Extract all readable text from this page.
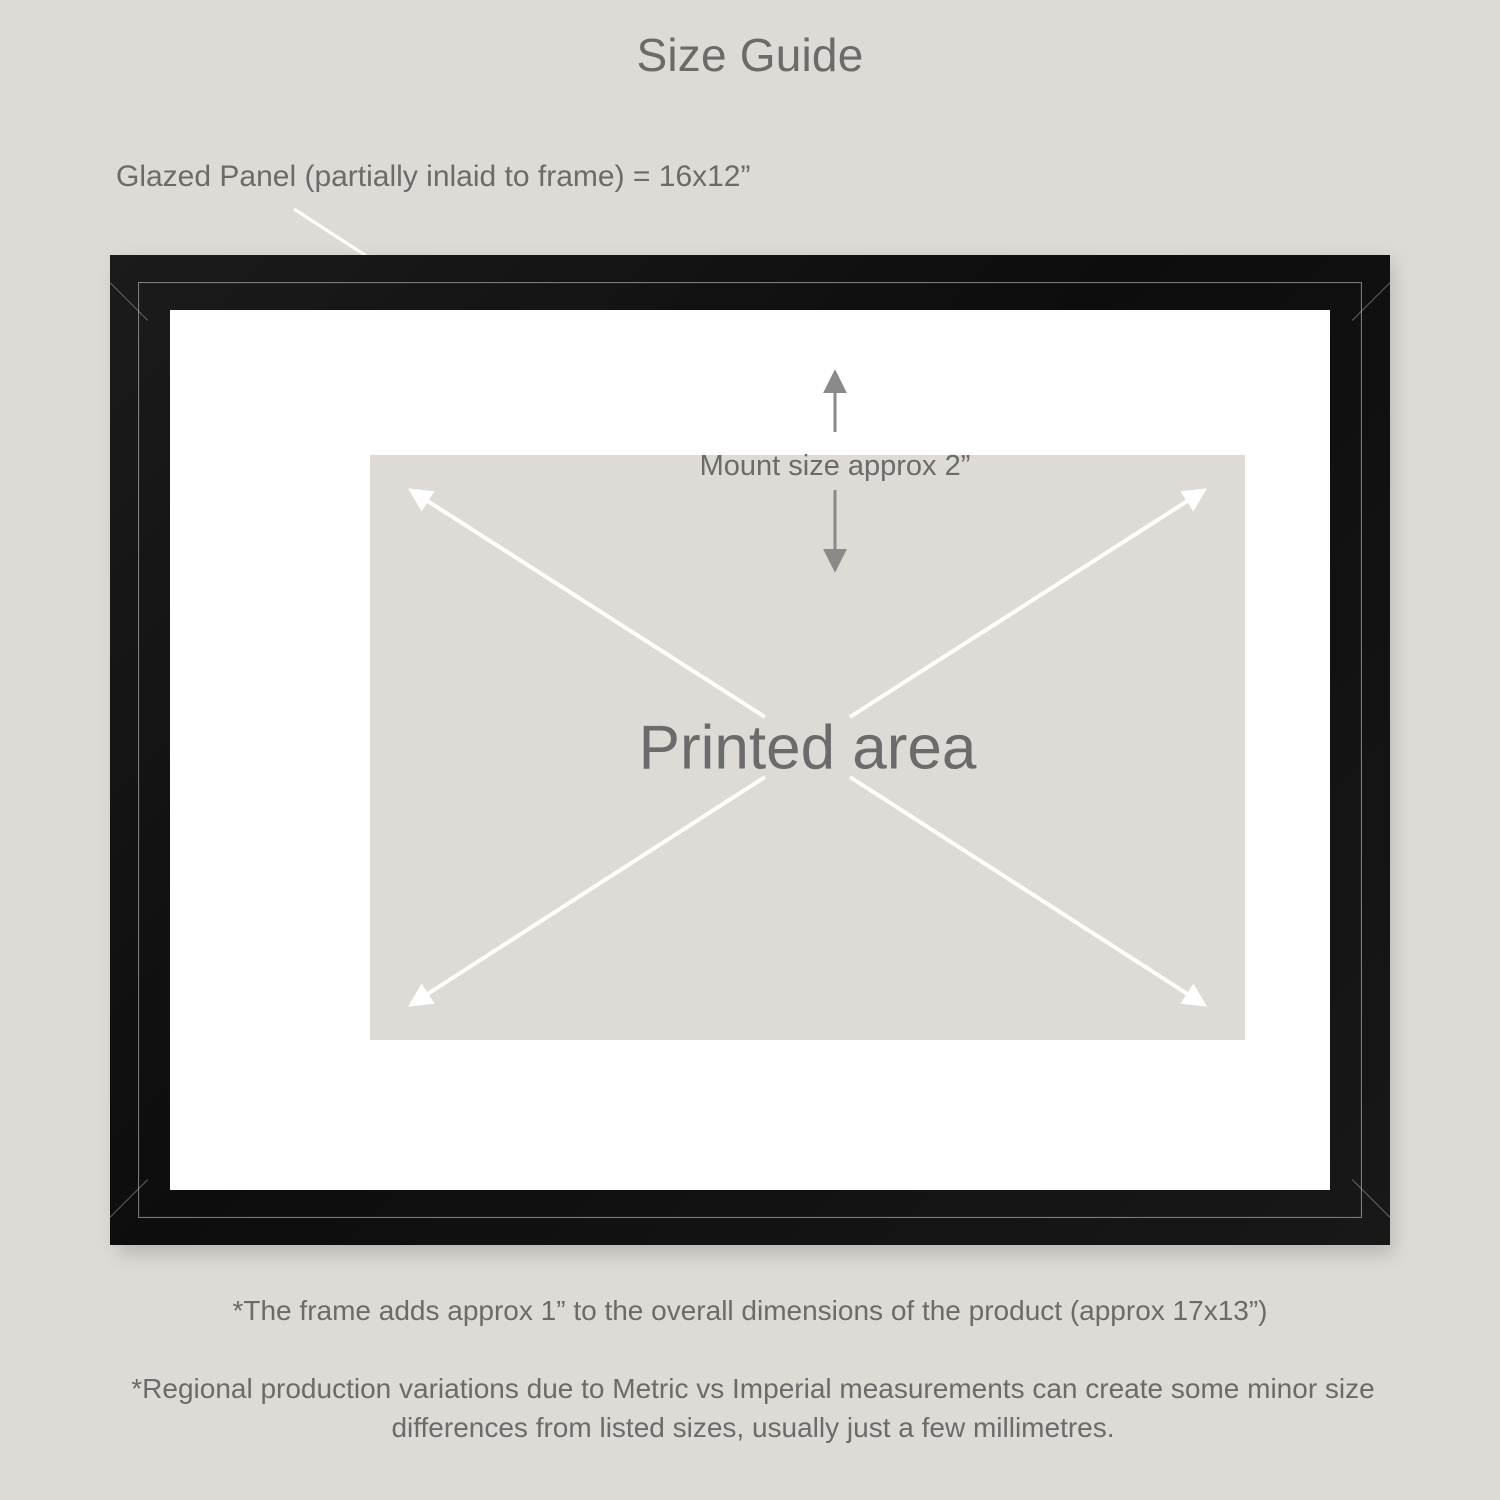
Size Guide
Glazed Panel (partially inlaid to frame) = 16x12”
Mount size approx 2”
Printed area
*The frame adds approx 1” to the overall dimensions of the product (approx 17x13”)
*Regional production variations due to Metric vs Imperial measurements can create some minor size differences from listed sizes, usually just a few millimetres.
